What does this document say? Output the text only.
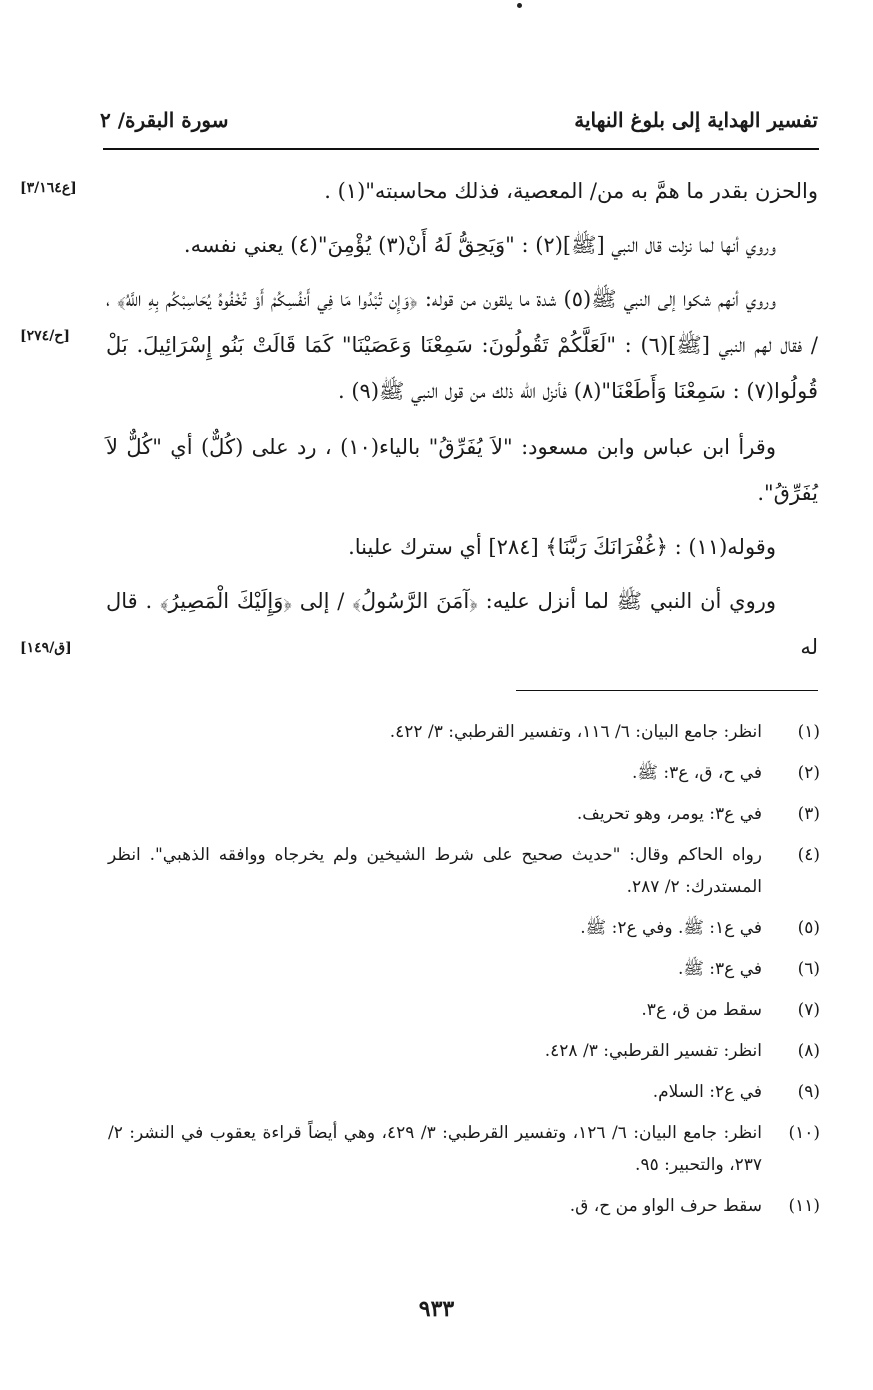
تفسير الهداية إلى بلوغ النهاية
سورة البقرة/ ٢
[ع٣/١٦٤]
[ح/٢٧٤]
[ق/١٤٩]

والحزن بقدر ما همَّ به من/ المعصية، فذلك محاسبته"(١) .

وروي أنها لما نزلت قال النبي [ﷺ](٢) : "وَيَحِقُّ لَهُ أَنْ(٣) يُؤْمِنَ"(٤) يعني نفسه.

وروي أنهم شكوا إلى النبي ﷺ(٥) شدة ما يلقون من قوله: ﴿وَإِن تُبْدُوا مَا فِي أَنفُسِكُمْ أَوْ تُخْفُوهُ يُحَاسِبْكُم بِهِ اللَّهُ﴾ ، / فقال لهم النبي [ﷺ](٦) : "لَعَلَّكُمْ تَقُولُونَ: سَمِعْنَا وَعَصَيْنَا" كَمَا قَالَتْ بَنُو إِسْرَائِيلَ. بَلْ قُولُوا(٧) : سَمِعْنَا وَأَطَعْنَا"(٨) فأنزل الله ذلك من قول النبي ﷺ(٩) .

وقرأ ابن عباس وابن مسعود: "لاَ يُفَرِّقُ" بالياء(١٠) ، رد على (كُلٌّ) أي "كُلٌّ لاَ يُفَرِّقُ".

وقوله(١١) : ﴿غُفْرَانَكَ رَبَّنَا﴾ [٢٨٤] أي سترك علينا.

وروي أن النبي ﷺ لما أنزل عليه: ﴿آمَنَ الرَّسُولُ﴾ / إلى ﴿وَإِلَيْكَ الْمَصِيرُ﴾ . قال له

(١)
انظر: جامع البيان: ٦/ ١١٦، وتفسير القرطبي: ٣/ ٤٢٢.
(٢)
في ح، ق، ع٣: ﷺ.
(٣)
في ع٣: يومر، وهو تحريف.
(٤)
رواه الحاكم وقال: "حديث صحيح على شرط الشيخين ولم يخرجاه ووافقه الذهبي". انظر المستدرك: ٢/ ٢٨٧.
(٥)
في ع١: ﷺ. وفي ع٢: ﷺ.
(٦)
في ع٣: ﷺ.
(٧)
سقط من ق، ع٣.
(٨)
انظر: تفسير القرطبي: ٣/ ٤٢٨.
(٩)
في ع٢: السلام.
(١٠)
انظر: جامع البيان: ٦/ ١٢٦، وتفسير القرطبي: ٣/ ٤٢٩، وهي أيضاً قراءة يعقوب في النشر: ٢/ ٢٣٧، والتحبير: ٩٥.
(١١)
سقط حرف الواو من ح، ق.
٩٣٣
